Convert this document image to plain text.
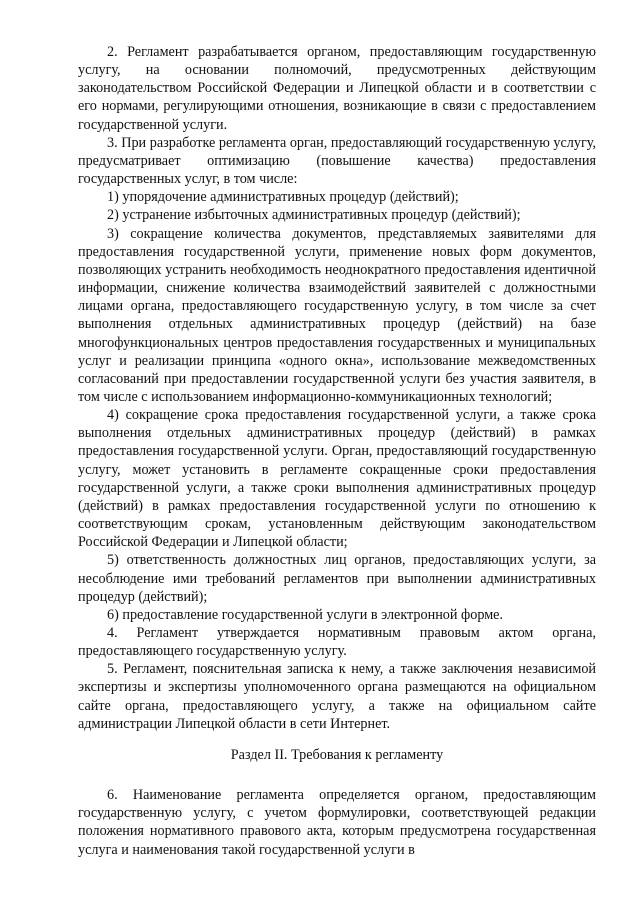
2. Регламент разрабатывается органом, предоставляющим государственную услугу, на основании полномочий, предусмотренных действующим законодательством Российской Федерации и Липецкой области и в соответствии с его нормами, регулирующими отношения, возникающие в связи с предоставлением государственной услуги.

3. При разработке регламента орган, предоставляющий государственную услугу, предусматривает оптимизацию (повышение качества) предоставления государственных услуг, в том числе:

1) упорядочение административных процедур (действий);

2) устранение избыточных административных процедур (действий);

3) сокращение количества документов, представляемых заявителями для предоставления государственной услуги, применение новых форм документов, позволяющих устранить необходимость неоднократного предоставления идентичной информации, снижение количества взаимодействий заявителей с должностными лицами органа, предоставляющего государственную услугу, в том числе за счет выполнения отдельных административных процедур (действий) на базе многофункциональных центров предоставления государственных и муниципальных услуг и реализации принципа «одного окна», использование межведомственных согласований при предоставлении государственной услуги без участия заявителя, в том числе с использованием информационно-коммуникационных технологий;

4) сокращение срока предоставления государственной услуги, а также срока выполнения отдельных административных процедур (действий) в рамках предоставления государственной услуги. Орган, предоставляющий государственную услугу, может установить в регламенте сокращенные сроки предоставления государственной услуги, а также сроки выполнения административных процедур (действий) в рамках предоставления государственной услуги по отношению к соответствующим срокам, установленным действующим законодательством Российской Федерации и Липецкой области;

5) ответственность должностных лиц органов, предоставляющих услуги, за несоблюдение ими требований регламентов при выполнении административных процедур (действий);

6) предоставление государственной услуги в электронной форме.

4. Регламент утверждается нормативным правовым актом органа, предоставляющего государственную услугу.

5. Регламент, пояснительная записка к нему, а также заключения независимой экспертизы и экспертизы уполномоченного органа размещаются на официальном сайте органа, предоставляющего услугу, а также на официальном сайте администрации Липецкой области в сети Интернет.

Раздел II. Требования к регламенту

6. Наименование регламента определяется органом, предоставляющим государственную услугу, с учетом формулировки, соответствующей редакции положения нормативного правового акта, которым предусмотрена государственная услуга и наименования такой государственной услуги в
